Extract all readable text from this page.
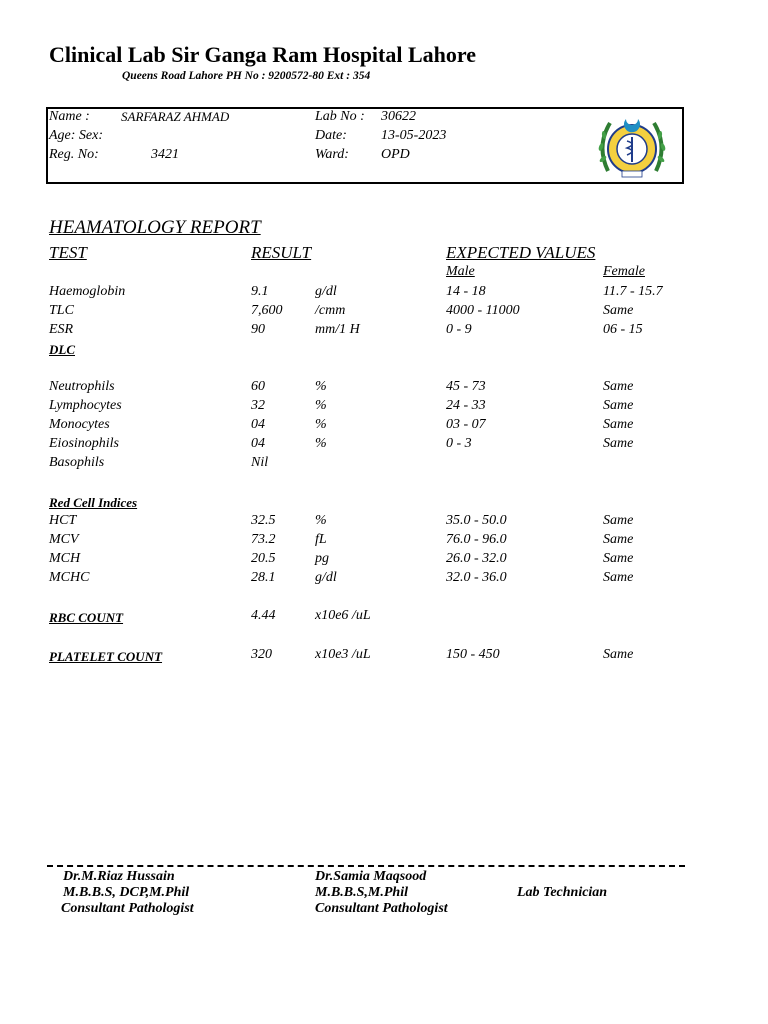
Clinical Lab Sir Ganga Ram Hospital Lahore
Queens Road Lahore PH No : 9200572-80 Ext : 354
Name : SARFARAZ AHMAD
Age: Sex:
Reg. No:	3421
Lab No : 30622
Date: 13-05-2023
Ward: OPD
HEAMATOLOGY REPORT
TEST	RESULT	EXPECTED VALUES
Male	Female
Haemoglobin	9.1	g/dl	14 - 18	11.7 - 15.7
TLC	7,600 /cmm	4000 - 11000	Same
ESR	90	mm/1 H	0 - 9	06 - 15
DLC
Neutrophils	60	%	45 - 73	Same
Lymphocytes	32	%	24 - 33	Same
Monocytes	04	%	03 - 07	Same
Eiosinophils	04	%	0 - 3	Same
Basophils	Nil
Red Cell Indices
HCT	32.5	%	35.0 - 50.0	Same
MCV	73.2	fL	76.0 - 96.0	Same
MCH	20.5	pg	26.0 - 32.0	Same
MCHC	28.1	g/dl	32.0 - 36.0	Same
RBC COUNT	4.44	x10e6 /uL
PLATELET COUNT	320	x10e3 /uL	150 - 450	Same
Dr.M.Riaz Hussain
M.B.B.S, DCP,M.Phil
Consultant Pathologist
Dr.Samia Maqsood
M.B.B.S,M.Phil
Consultant Pathologist
Lab Technician
